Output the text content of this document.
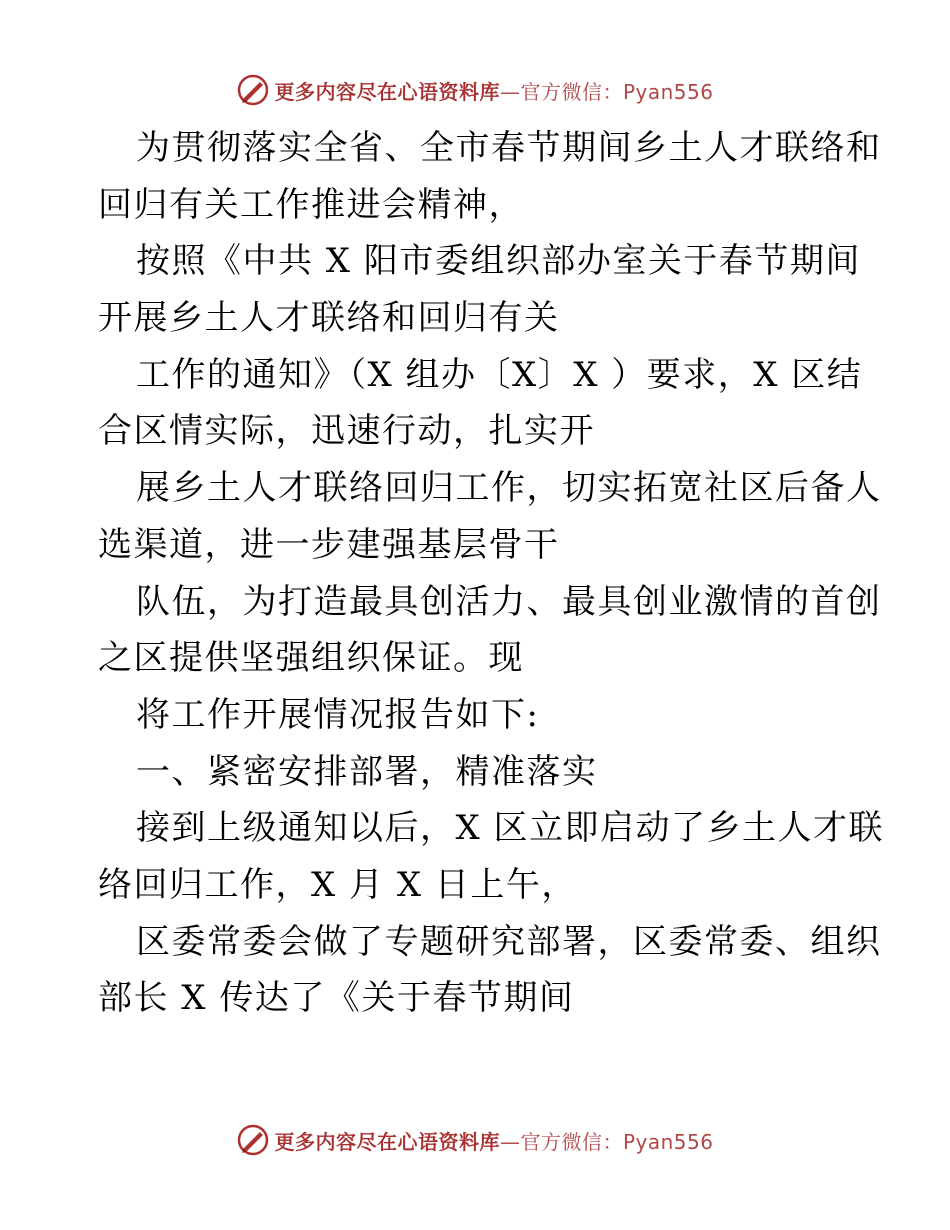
更多内容尽在心语资料库—官方微信：Pyan556
为贯彻落实全省、全市春节期间乡土人才联络和
回归有关工作推进会精神，
按照《中共 X 阳市委组织部办室关于春节期间
开展乡土人才联络和回归有关
工作的通知》（X 组办〔X〕X ）要求，X 区结
合区情实际，迅速行动，扎实开
展乡土人才联络回归工作，切实拓宽社区后备人
选渠道，进一步建强基层骨干
队伍，为打造最具创活力、最具创业激情的首创
之区提供坚强组织保证。现
将工作开展情况报告如下:
一、紧密安排部署，精准落实
接到上级通知以后，X 区立即启动了乡土人才联
络回归工作，X 月 X 日上午，
区委常委会做了专题研究部署，区委常委、组织
部长 X 传达了《关于春节期间
更多内容尽在心语资料库—官方微信：Pyan556
